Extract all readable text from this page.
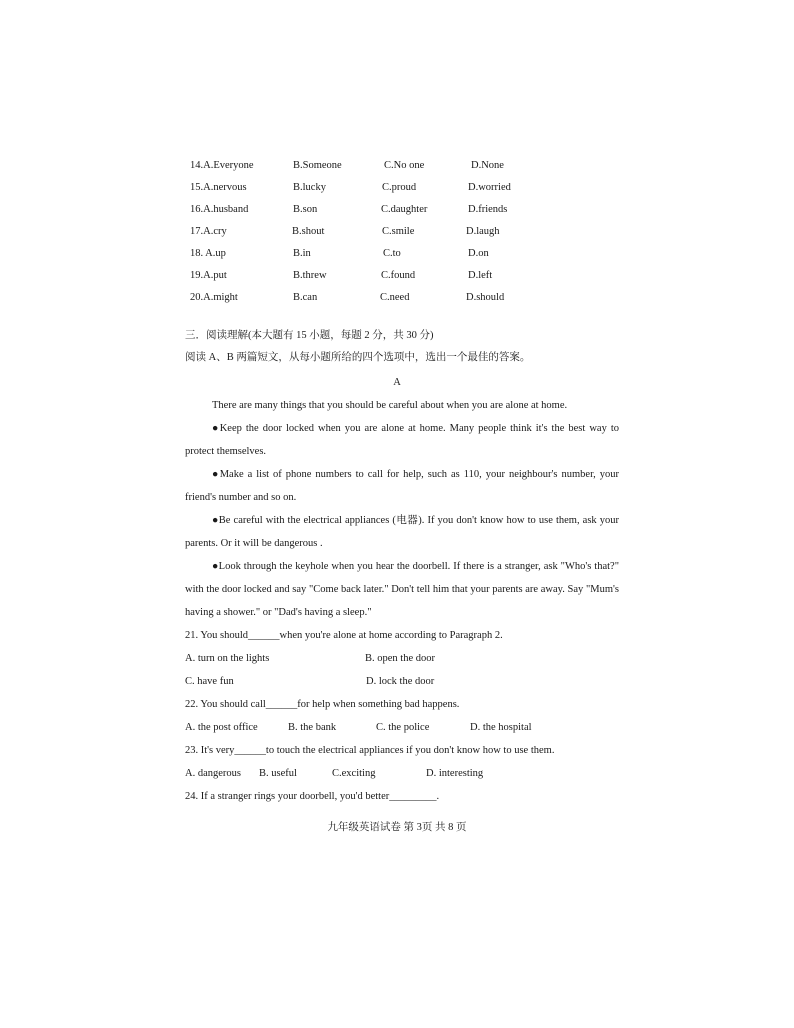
14.A.Everyone	B.Someone	C.No one	D.None
15.A.nervous	B.lucky	C.proud	D.worried
16.A.husband	B.son	C.daughter	D.friends
17.A.cry	B.shout	C.smile	D.laugh
18. A.up	B.in	C.to	D.on
19.A.put	B.threw	C.found	D.left
20.A.might	B.can	C.need	D.should
三．阅读理解(本大题有 15 小题，每题 2 分，共 30 分)
阅读 A、B 两篇短文，从每小题所给的四个选项中，选出一个最佳的答案。
A

There are many things that you should be careful about when you are alone at home.

●Keep the door locked when you are alone at home. Many people think it's the best way to protect themselves.

●Make a list of phone numbers to call for help, such as 110, your neighbour's number, your friend's number and so on.

●Be careful with the electrical appliances (电器). If you don't know how to use them, ask your parents. Or it will be dangerous .

●Look through the keyhole when you hear the doorbell. If there is a stranger, ask "Who's that?" with the door locked and say "Come back later." Don't tell him that your parents are away. Say "Mum's having a shower." or "Dad's having a sleep."

21. You should______when you're alone at home according to Paragraph 2.
A. turn on the lights	B. open the door
C. have fun	D. lock the door
22. You should call______for help when something bad happens.
A. the post office	B. the bank	C. the police	D. the hospital
23. It's very______to touch the electrical appliances if you don't know how to use them.
A. dangerous B. useful	C.exciting	D. interesting
24. If a stranger rings your doorbell, you'd better_________.
九年级英语试卷 第 3页 共 8 页
